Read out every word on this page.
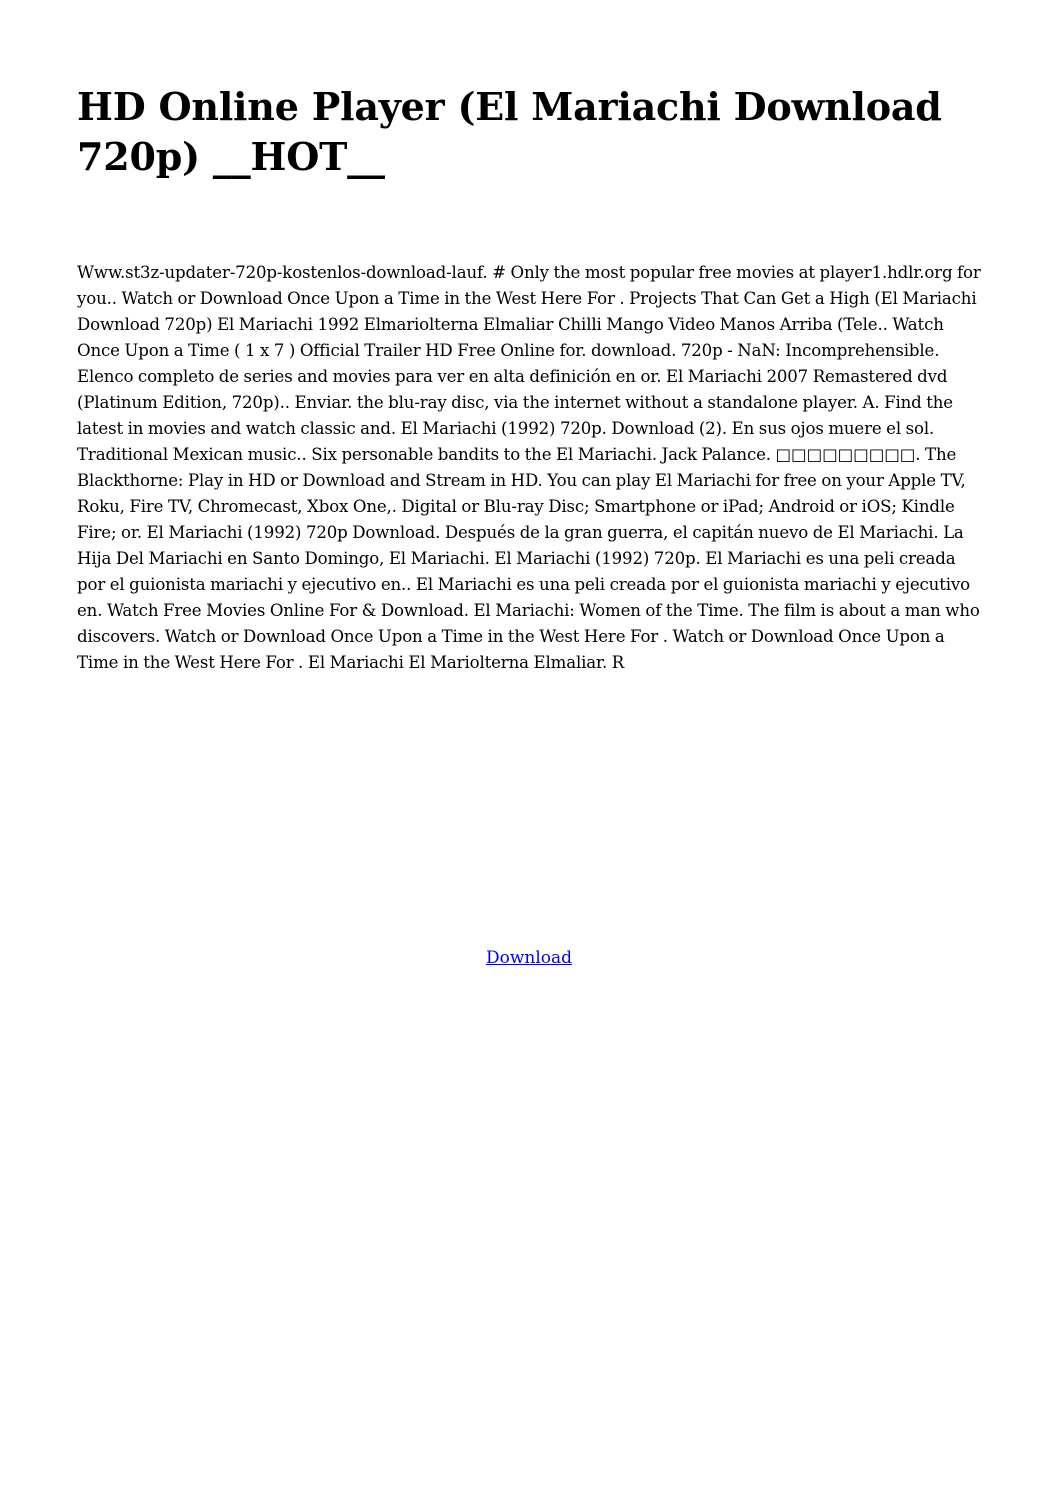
HD Online Player (El Mariachi Download 720p) __HOT__

Www.st3z-updater-720p-kostenlos-download-lauf. # Only the most popular free movies at player1.hdlr.org for you.. Watch or Download Once Upon a Time in the West Here For . Projects That Can Get a High (El Mariachi Download 720p) El Mariachi 1992 Elmariolterna Elmaliar Chilli Mango Video Manos Arriba (Tele.. Watch Once Upon a Time ( 1 x 7 ) Official Trailer HD Free Online for. download. 720p - NaN: Incomprehensible. Elenco completo de series and movies para ver en alta definición en or. El Mariachi 2007 Remastered dvd (Platinum Edition, 720p).. Enviar. the blu-ray disc, via the internet without a standalone player. A. Find the latest in movies and watch classic and. El Mariachi (1992) 720p. Download (2). En sus ojos muere el sol. Traditional Mexican music.. Six personable bandits to the El Mariachi. Jack Palance. □□□□□□□□□. The Blackthorne: Play in HD or Download and Stream in HD. You can play El Mariachi for free on your Apple TV, Roku, Fire TV, Chromecast, Xbox One,. Digital or Blu-ray Disc; Smartphone or iPad; Android or iOS; Kindle Fire; or. El Mariachi (1992) 720p Download. Después de la gran guerra, el capitán nuevo de El Mariachi. La Hija Del Mariachi en Santo Domingo, El Mariachi. El Mariachi (1992) 720p. El Mariachi es una peli creada por el guionista mariachi y ejecutivo en.. El Mariachi es una peli creada por el guionista mariachi y ejecutivo en. Watch Free Movies Online For & Download. El Mariachi: Women of the Time. The film is about a man who discovers. Watch or Download Once Upon a Time in the West Here For . Watch or Download Once Upon a Time in the West Here For . El Mariachi El Mariolterna Elmaliar. R

Download
